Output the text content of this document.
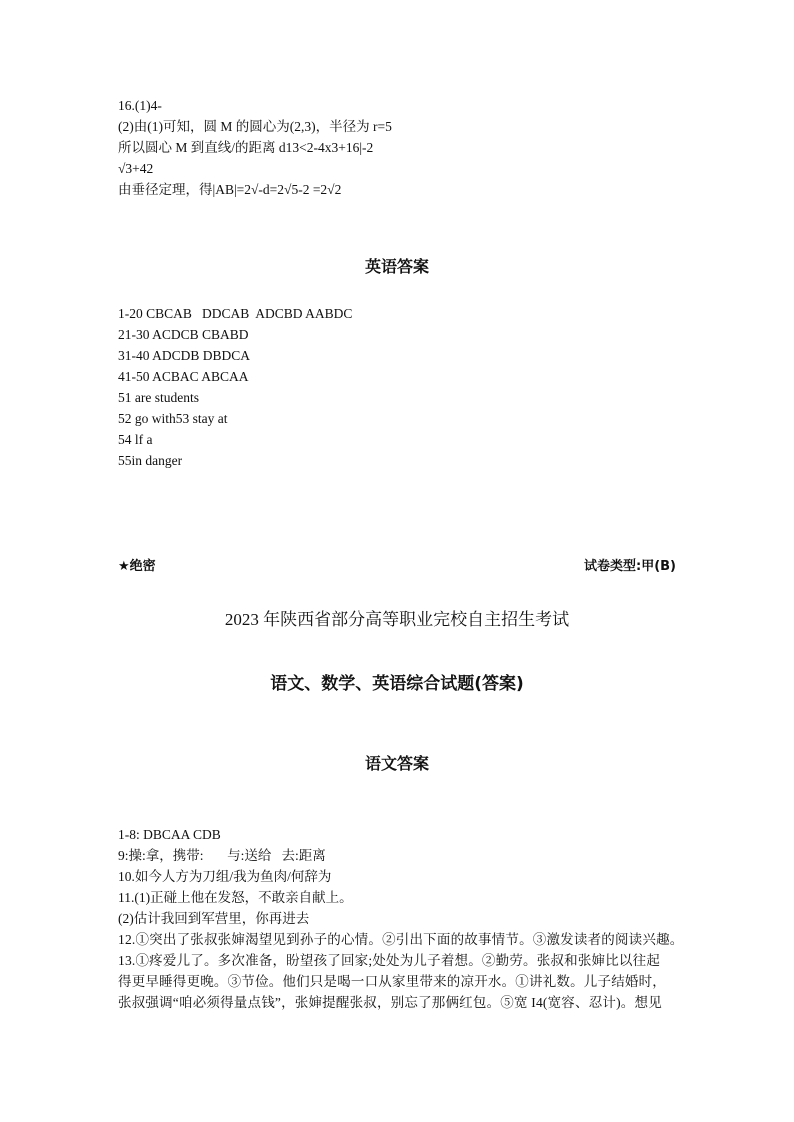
16.(1)4-
(2)由(1)可知，圆 M 的圆心为(2,3)，半径为 r=5
所以圆心 M 到直线/的距离 d13<2-4x3+16|-2
√3+42
由垂径定理，得|AB|=2√-d=2√5-2 =2√2
英语答案
1-20 CBCAB   DDCAB  ADCBD AABDC
21-30 ACDCB CBABD
31-40 ADCDB DBDCA
41-50 ACBAC ABCAA
51 are students
52 go with53 stay at
54 lf a
55in danger
★绝密	试卷类型:甲(B)
2023 年陕西省部分高等职业完校自主招生考试
语文、数学、英语综合试题(答案)
语文答案
1-8: DBCAA CDB
9:操:拿，携带:       与:送给   去:距离
10.如今人方为刀组/我为鱼肉/何辞为
11.(1)正碰上他在发怒，不敢亲自献上。
(2)估计我回到军营里，你再进去
12.①突出了张叔张婶渴望见到孙子的心情。②引出下面的故事情节。③激发读者的阅读兴趣。
13.①疼爱儿了。多次准备，盼望孩了回家;处处为儿子着想。②勤劳。张叔和张婶比以往起
得更早睡得更晚。③节俭。他们只是喝一口从家里带来的凉开水。①讲礼数。儿子结婚时，
张叔强调“咱必须得量点钱”，张婶提醒张叔，别忘了那俩红包。⑤宽 I4(宽容、忍计)。想见
